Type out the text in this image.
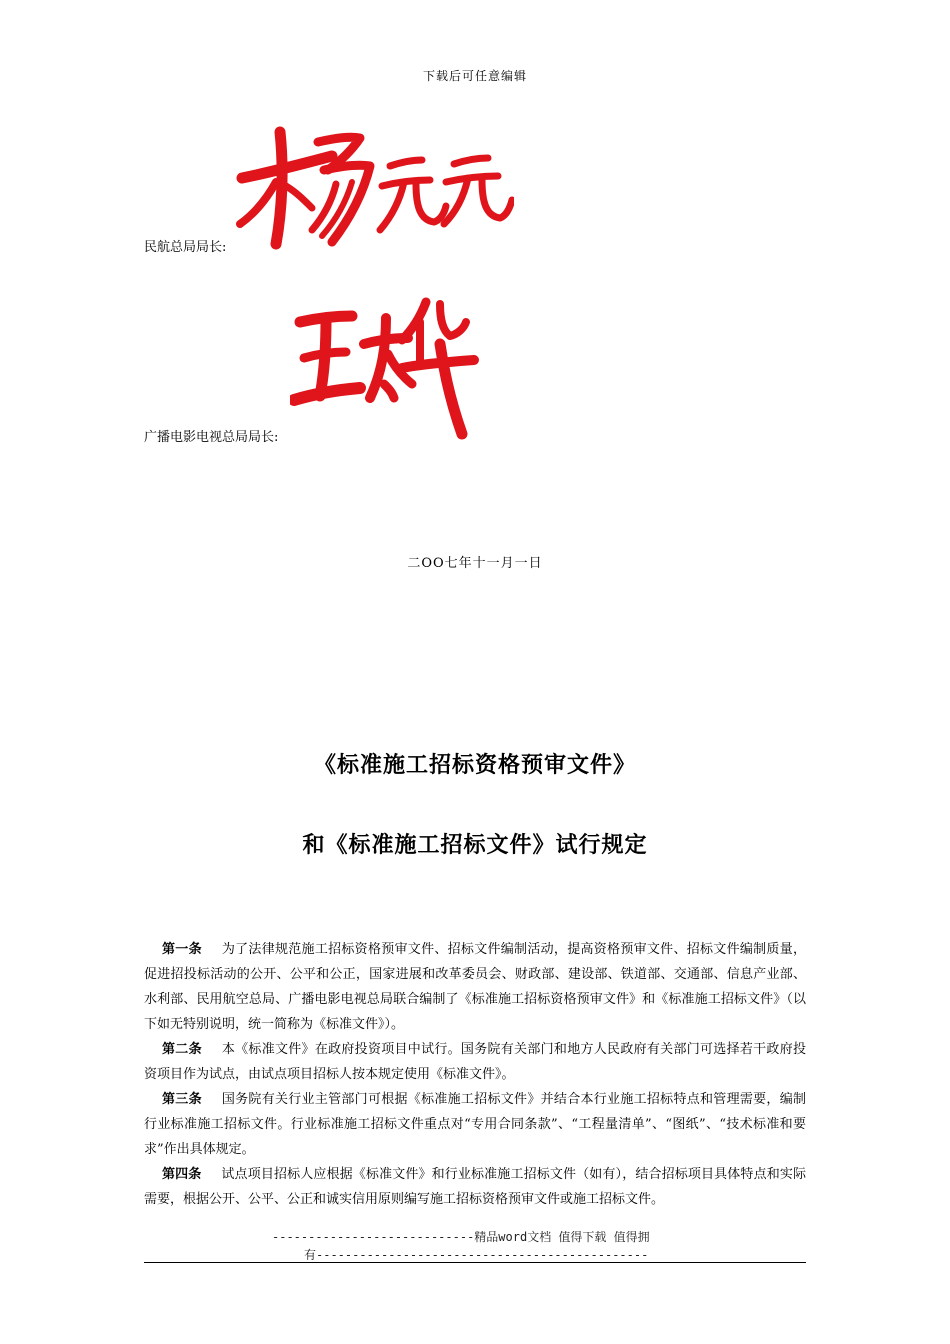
下载后可任意编辑
民航总局局长:
广播电影电视总局局长:
二OO七年十一月一日
《标准施工招标资格预审文件》
和《标准施工招标文件》试行规定

第一条 为了法律规范施工招标资格预审文件、招标文件编制活动，提高资格预审文件、招标文件编制质量，促进招投标活动的公开、公平和公正，国家进展和改革委员会、财政部、建设部、铁道部、交通部、信息产业部、水利部、民用航空总局、广播电影电视总局联合编制了《标准施工招标资格预审文件》和《标准施工招标文件》（以下如无特别说明，统一简称为《标准文件》）。

第二条 本《标准文件》在政府投资项目中试行。国务院有关部门和地方人民政府有关部门可选择若干政府投资项目作为试点，由试点项目招标人按本规定使用《标准文件》。

第三条 国务院有关行业主管部门可根据《标准施工招标文件》并结合本行业施工招标特点和管理需要，编制行业标准施工招标文件。行业标准施工招标文件重点对“专用合同条款”、“工程量清单”、“图纸”、“技术标准和要求”作出具体规定。

第四条 试点项目招标人应根据《标准文件》和行业标准施工招标文件（如有），结合招标项目具体特点和实际需要，根据公开、公平、公正和诚实信用原则编写施工招标资格预审文件或施工招标文件。

----------------------------精品word文档 值得下载 值得拥
有----------------------------------------------
